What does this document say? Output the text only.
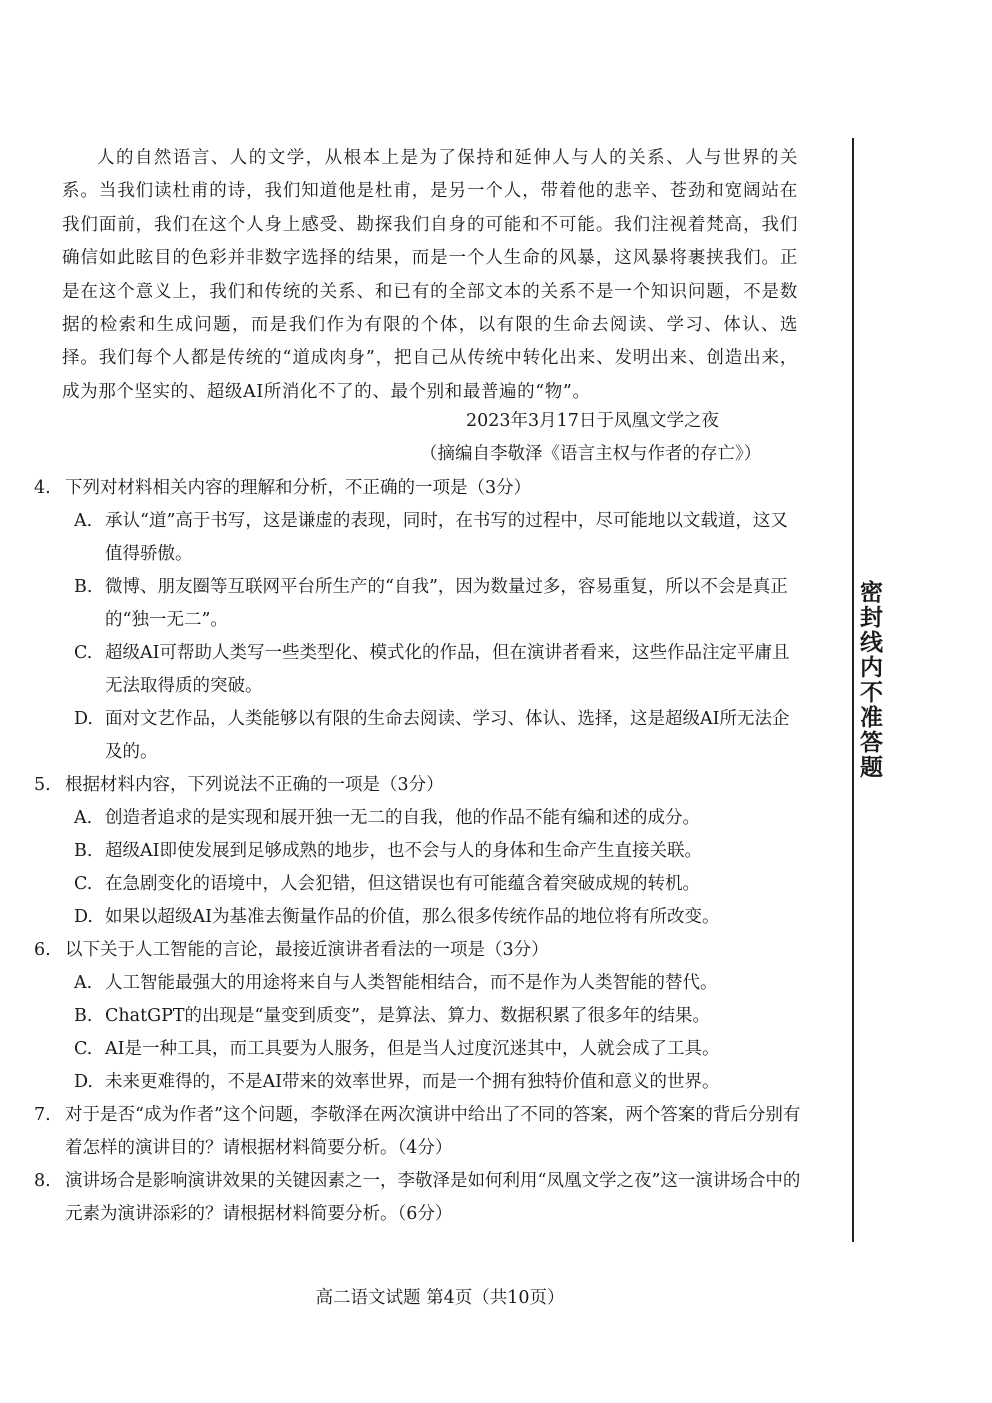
人的自然语言、人的文学，从根本上是为了保持和延伸人与人的关系、人与世界的关系。当我们读杜甫的诗，我们知道他是杜甫，是另一个人，带着他的悲辛、苍劲和宽阔站在我们面前，我们在这个人身上感受、勘探我们自身的可能和不可能。我们注视着梵高，我们确信如此眩目的色彩并非数字选择的结果，而是一个人生命的风暴，这风暴将裹挟我们。正是在这个意义上，我们和传统的关系、和已有的全部文本的关系不是一个知识问题，不是数据的检索和生成问题，而是我们作为有限的个体，以有限的生命去阅读、学习、体认、选择。我们每个人都是传统的“道成肉身”，把自己从传统中转化出来、发明出来、创造出来，成为那个坚实的、超级AI所消化不了的、最个别和最普遍的“物”。

2023年3月17日于凤凰文学之夜
（摘编自李敬泽《语言主权与作者的存亡》）
4. 下列对材料相关内容的理解和分析，不正确的一项是（3分）
A. 承认“道”高于书写，这是谦虚的表现，同时，在书写的过程中，尽可能地以文载道，这又值得骄傲。
B. 微博、朋友圈等互联网平台所生产的“自我”，因为数量过多，容易重复，所以不会是真正的“独一无二”。
C. 超级AI可帮助人类写一些类型化、模式化的作品，但在演讲者看来，这些作品注定平庸且无法取得质的突破。
D. 面对文艺作品，人类能够以有限的生命去阅读、学习、体认、选择，这是超级AI所无法企及的。
5. 根据材料内容，下列说法不正确的一项是（3分）
A. 创造者追求的是实现和展开独一无二的自我，他的作品不能有编和述的成分。
B. 超级AI即使发展到足够成熟的地步，也不会与人的身体和生命产生直接关联。
C. 在急剧变化的语境中，人会犯错，但这错误也有可能蕴含着突破成规的转机。
D. 如果以超级AI为基准去衡量作品的价值，那么很多传统作品的地位将有所改变。
6. 以下关于人工智能的言论，最接近演讲者看法的一项是（3分）
A. 人工智能最强大的用途将来自与人类智能相结合，而不是作为人类智能的替代。
B. ChatGPT的出现是“量变到质变”，是算法、算力、数据积累了很多年的结果。
C. AI是一种工具，而工具要为人服务，但是当人过度沉迷其中，人就会成了工具。
D. 未来更难得的，不是AI带来的效率世界，而是一个拥有独特价值和意义的世界。
7. 对于是否“成为作者”这个问题，李敬泽在两次演讲中给出了不同的答案，两个答案的背后分别有着怎样的演讲目的？请根据材料简要分析。（4分）
8. 演讲场合是影响演讲效果的关键因素之一，李敬泽是如何利用“凤凰文学之夜”这一演讲场合中的元素为演讲添彩的？请根据材料简要分析。（6分）
密封线内不准答题
高二语文试题 第4页（共10页）
